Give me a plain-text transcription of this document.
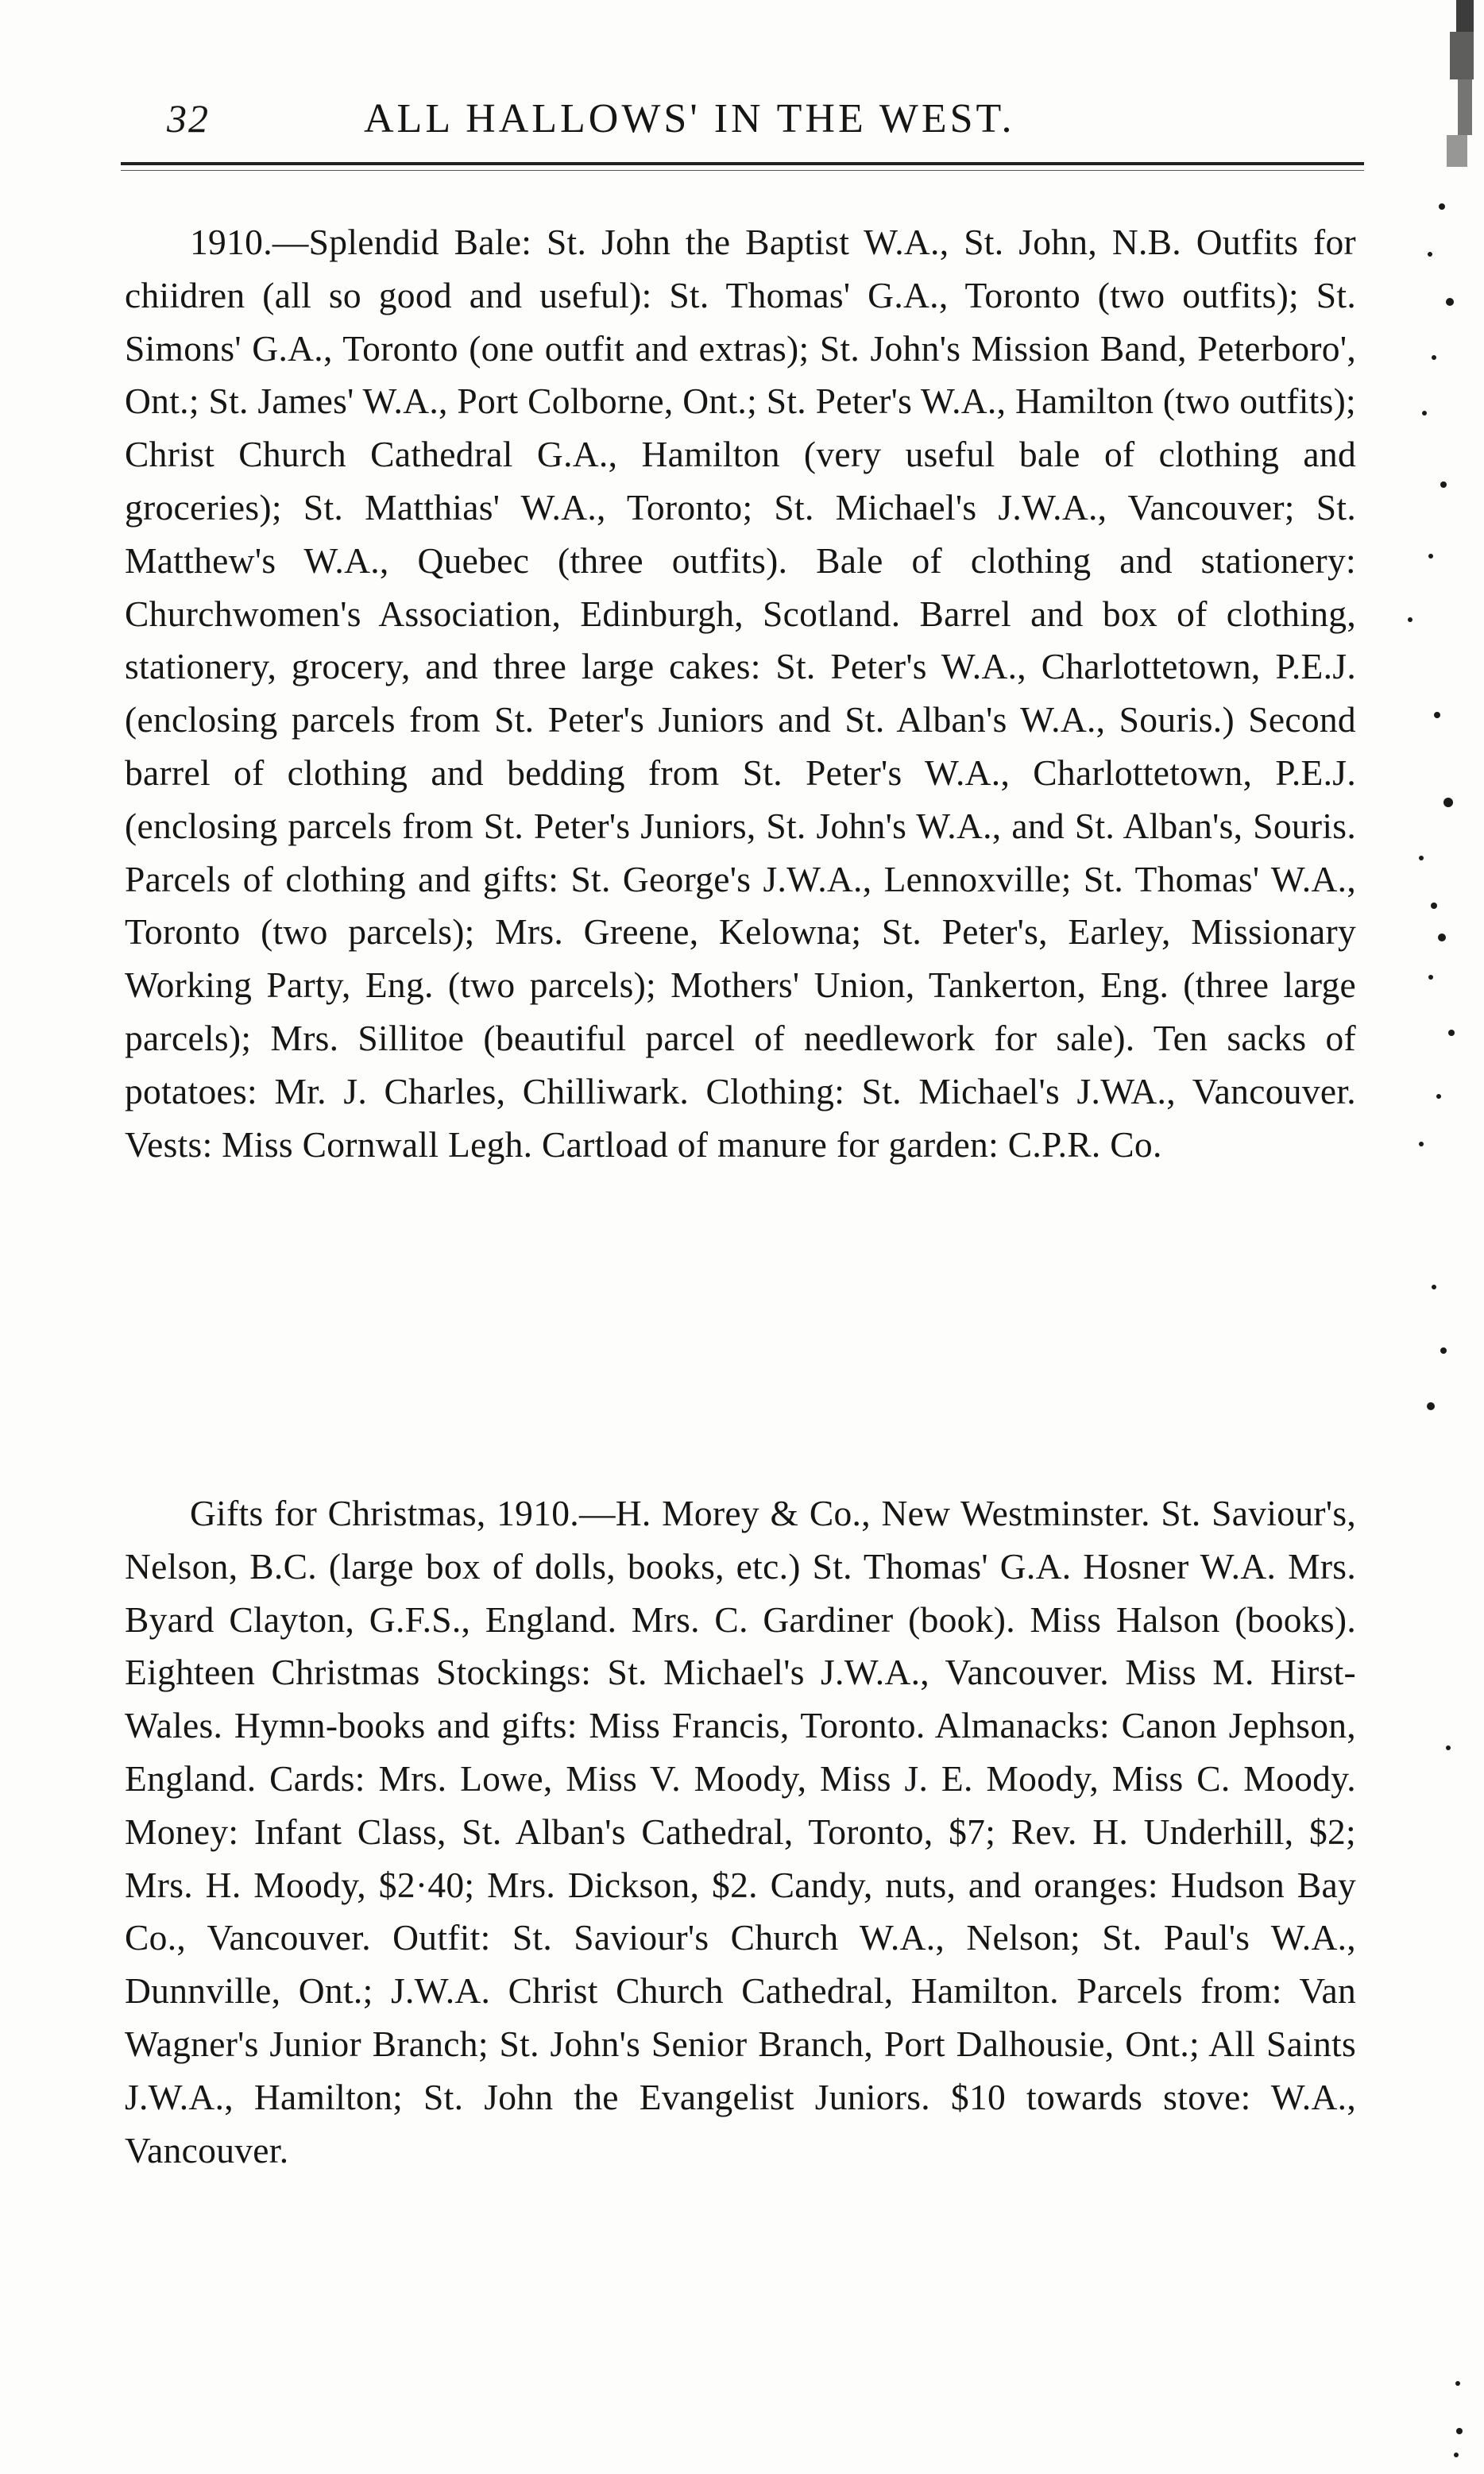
32	ALL HALLOWS' IN THE WEST.

1910.—Splendid Bale: St. John the Baptist W.A., St. John, N.B. Outfits for chiidren (all so good and useful): St. Thomas' G.A., Toronto (two outfits); St. Simons' G.A., Toronto (one outfit and extras); St. John's Mission Band, Peterboro', Ont.; St. James' W.A., Port Colborne, Ont.; St. Peter's W.A., Hamilton (two outfits); Christ Church Cathedral G.A., Hamilton (very useful bale of clothing and groceries); St. Matthias' W.A., Toronto; St. Michael's J.W.A., Vancouver; St. Matthew's W.A., Quebec (three outfits). Bale of clothing and stationery: Churchwomen's Association, Edinburgh, Scotland. Barrel and box of clothing, stationery, grocery, and three large cakes: St. Peter's W.A., Charlottetown, P.E.J. (enclosing parcels from St. Peter's Juniors and St. Alban's W.A., Souris.) Second barrel of clothing and bedding from St. Peter's W.A., Charlottetown, P.E.J. (enclosing parcels from St. Peter's Juniors, St. John's W.A., and St. Alban's, Souris. Parcels of clothing and gifts: St. George's J.W.A., Lennoxville; St. Thomas' W.A., Toronto (two parcels); Mrs. Greene, Kelowna; St. Peter's, Earley, Missionary Working Party, Eng. (two parcels); Mothers' Union, Tankerton, Eng. (three large parcels); Mrs. Sillitoe (beautiful parcel of needlework for sale). Ten sacks of potatoes: Mr. J. Charles, Chilliwark. Clothing: St. Michael's J.WA., Vancouver. Vests: Miss Cornwall Legh. Cartload of manure for garden: C.P.R. Co.

Gifts for Christmas, 1910.—H. Morey & Co., New Westminster. St. Saviour's, Nelson, B.C. (large box of dolls, books, etc.) St. Thomas' G.A. Hosner W.A. Mrs. Byard Clayton, G.F.S., England. Mrs. C. Gardiner (book). Miss Halson (books). Eighteen Christmas Stockings: St. Michael's J.W.A., Vancouver. Miss M. Hirst-Wales. Hymn-books and gifts: Miss Francis, Toronto. Almanacks: Canon Jephson, England. Cards: Mrs. Lowe, Miss V. Moody, Miss J. E. Moody, Miss C. Moody. Money: Infant Class, St. Alban's Cathedral, Toronto, $7; Rev. H. Underhill, $2; Mrs. H. Moody, $2·40; Mrs. Dickson, $2. Candy, nuts, and oranges: Hudson Bay Co., Vancouver. Outfit: St. Saviour's Church W.A., Nelson; St. Paul's W.A., Dunnville, Ont.; J.W.A. Christ Church Cathedral, Hamilton. Parcels from: Van Wagner's Junior Branch; St. John's Senior Branch, Port Dalhousie, Ont.; All Saints J.W.A., Hamilton; St. John the Evangelist Juniors. $10 towards stove: W.A., Vancouver.
